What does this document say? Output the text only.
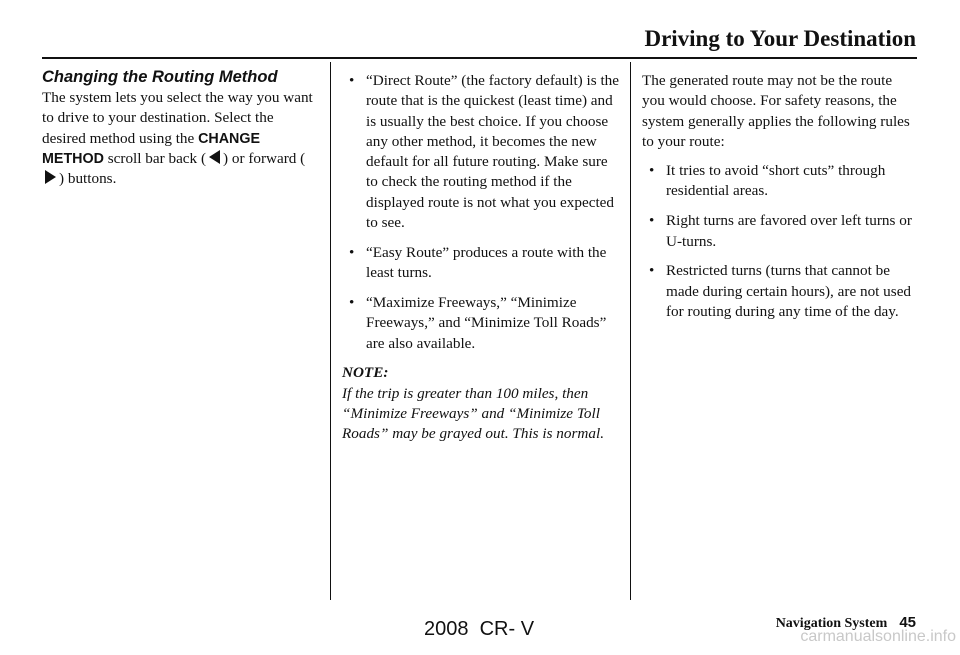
Driving to Your Destination

Changing the Routing Method

The system lets you select the way you want to drive to your destination. Select the desired method using the CHANGE
METHOD scroll bar back ( ) or forward () buttons.

• “Direct Route” (the factory default) is the route that is the quickest (least time) and is usually the best choice. If you choose any other method, it becomes the new default for all future routing. Make sure to check the routing method if the displayed route is not what you expected to see.
• “Easy Route” produces a route with the least turns.
• “Maximize Freeways,” “Minimize Freeways,” and “Minimize Toll Roads” are also available.

NOTE:

If the trip is greater than 100 miles, then “Minimize Freeways” and “Minimize Toll Roads” may be grayed out. This is normal.

The generated route may not be the route you would choose. For safety reasons, the system generally applies the following rules to your route:

• It tries to avoid “short cuts” through residential areas.
• Right turns are favored over left turns or U-turns.
• Restricted turns (turns that cannot be made during certain hours), are not used for routing during any time of the day.
Navigation System 45
2008  CR- V	carmanualsonline.info
